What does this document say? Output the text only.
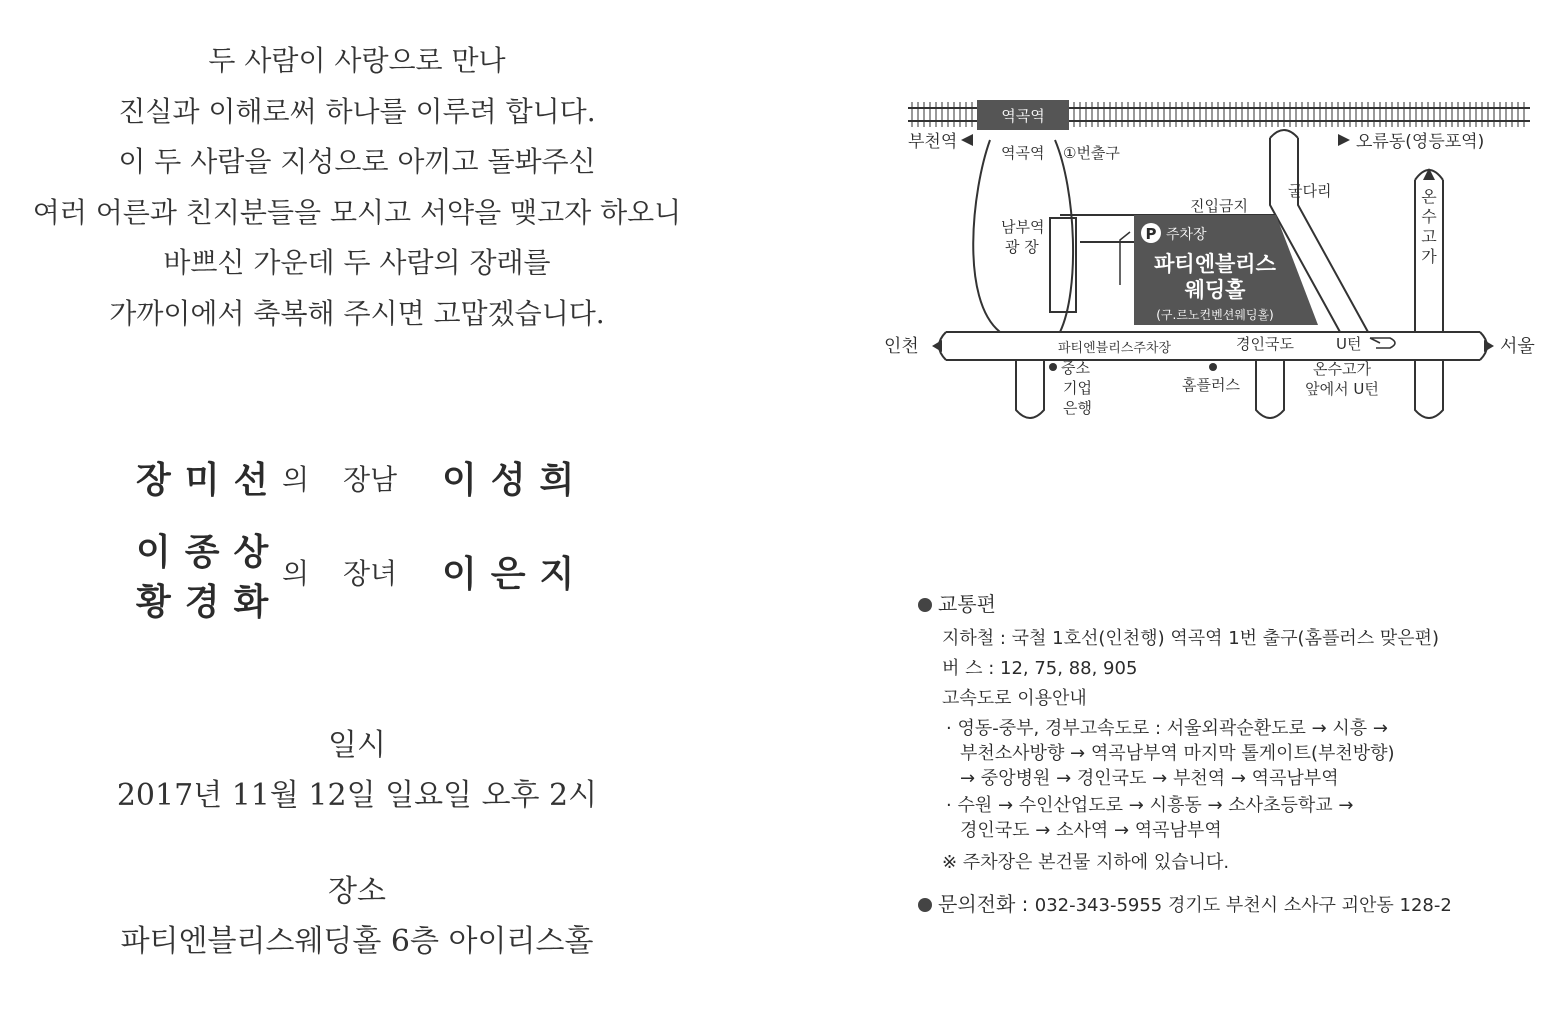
두 사람이 사랑으로 만나
진실과 이해로써 하나를 이루려 합니다.
이 두 사람을 지성으로 아끼고 돌봐주신
여러 어른과 친지분들을 모시고 서약을 맺고자 하오니
바쁘신 가운데 두 사람의 장래를
가까이에서 축복해 주시면 고맙겠습니다.
장미선 의 장남 이성희
이종상
황경화
의 장녀 이은지
일시
2017년 11월 12일 일요일 오후 2시
장소
파티엔블리스웨딩홀 6층 아이리스홀
역곡역
부천역	오류동(영등포역)
P 주차장
파티엔블리스
웨딩홀
(구.르노컨벤션웨딩홀)
역곡역 ①번출구
진입금지
굴다리
남부역
광 장
온
수
고
가
인천	서울
파티엔블리스주차장	경인국도	U턴
중소
기업
은행
홈플러스
온수고가
앞에서 U턴
교통편
지하철 : 국철 1호선(인천행) 역곡역 1번 출구(홈플러스 맞은편)
버 스 : 12, 75, 88, 905
고속도로 이용안내
· 영동-중부, 경부고속도로 : 서울외곽순환도로 → 시흥 →
부천소사방향 → 역곡남부역 마지막 톨게이트(부천방향)
→ 중앙병원 → 경인국도 → 부천역 → 역곡남부역
· 수원 → 수인산업도로 → 시흥동 → 소사초등학교 →
경인국도 → 소사역 → 역곡남부역
※ 주차장은 본건물 지하에 있습니다.
문의전화 : 032-343-5955 경기도 부천시 소사구 괴안동 128-2
